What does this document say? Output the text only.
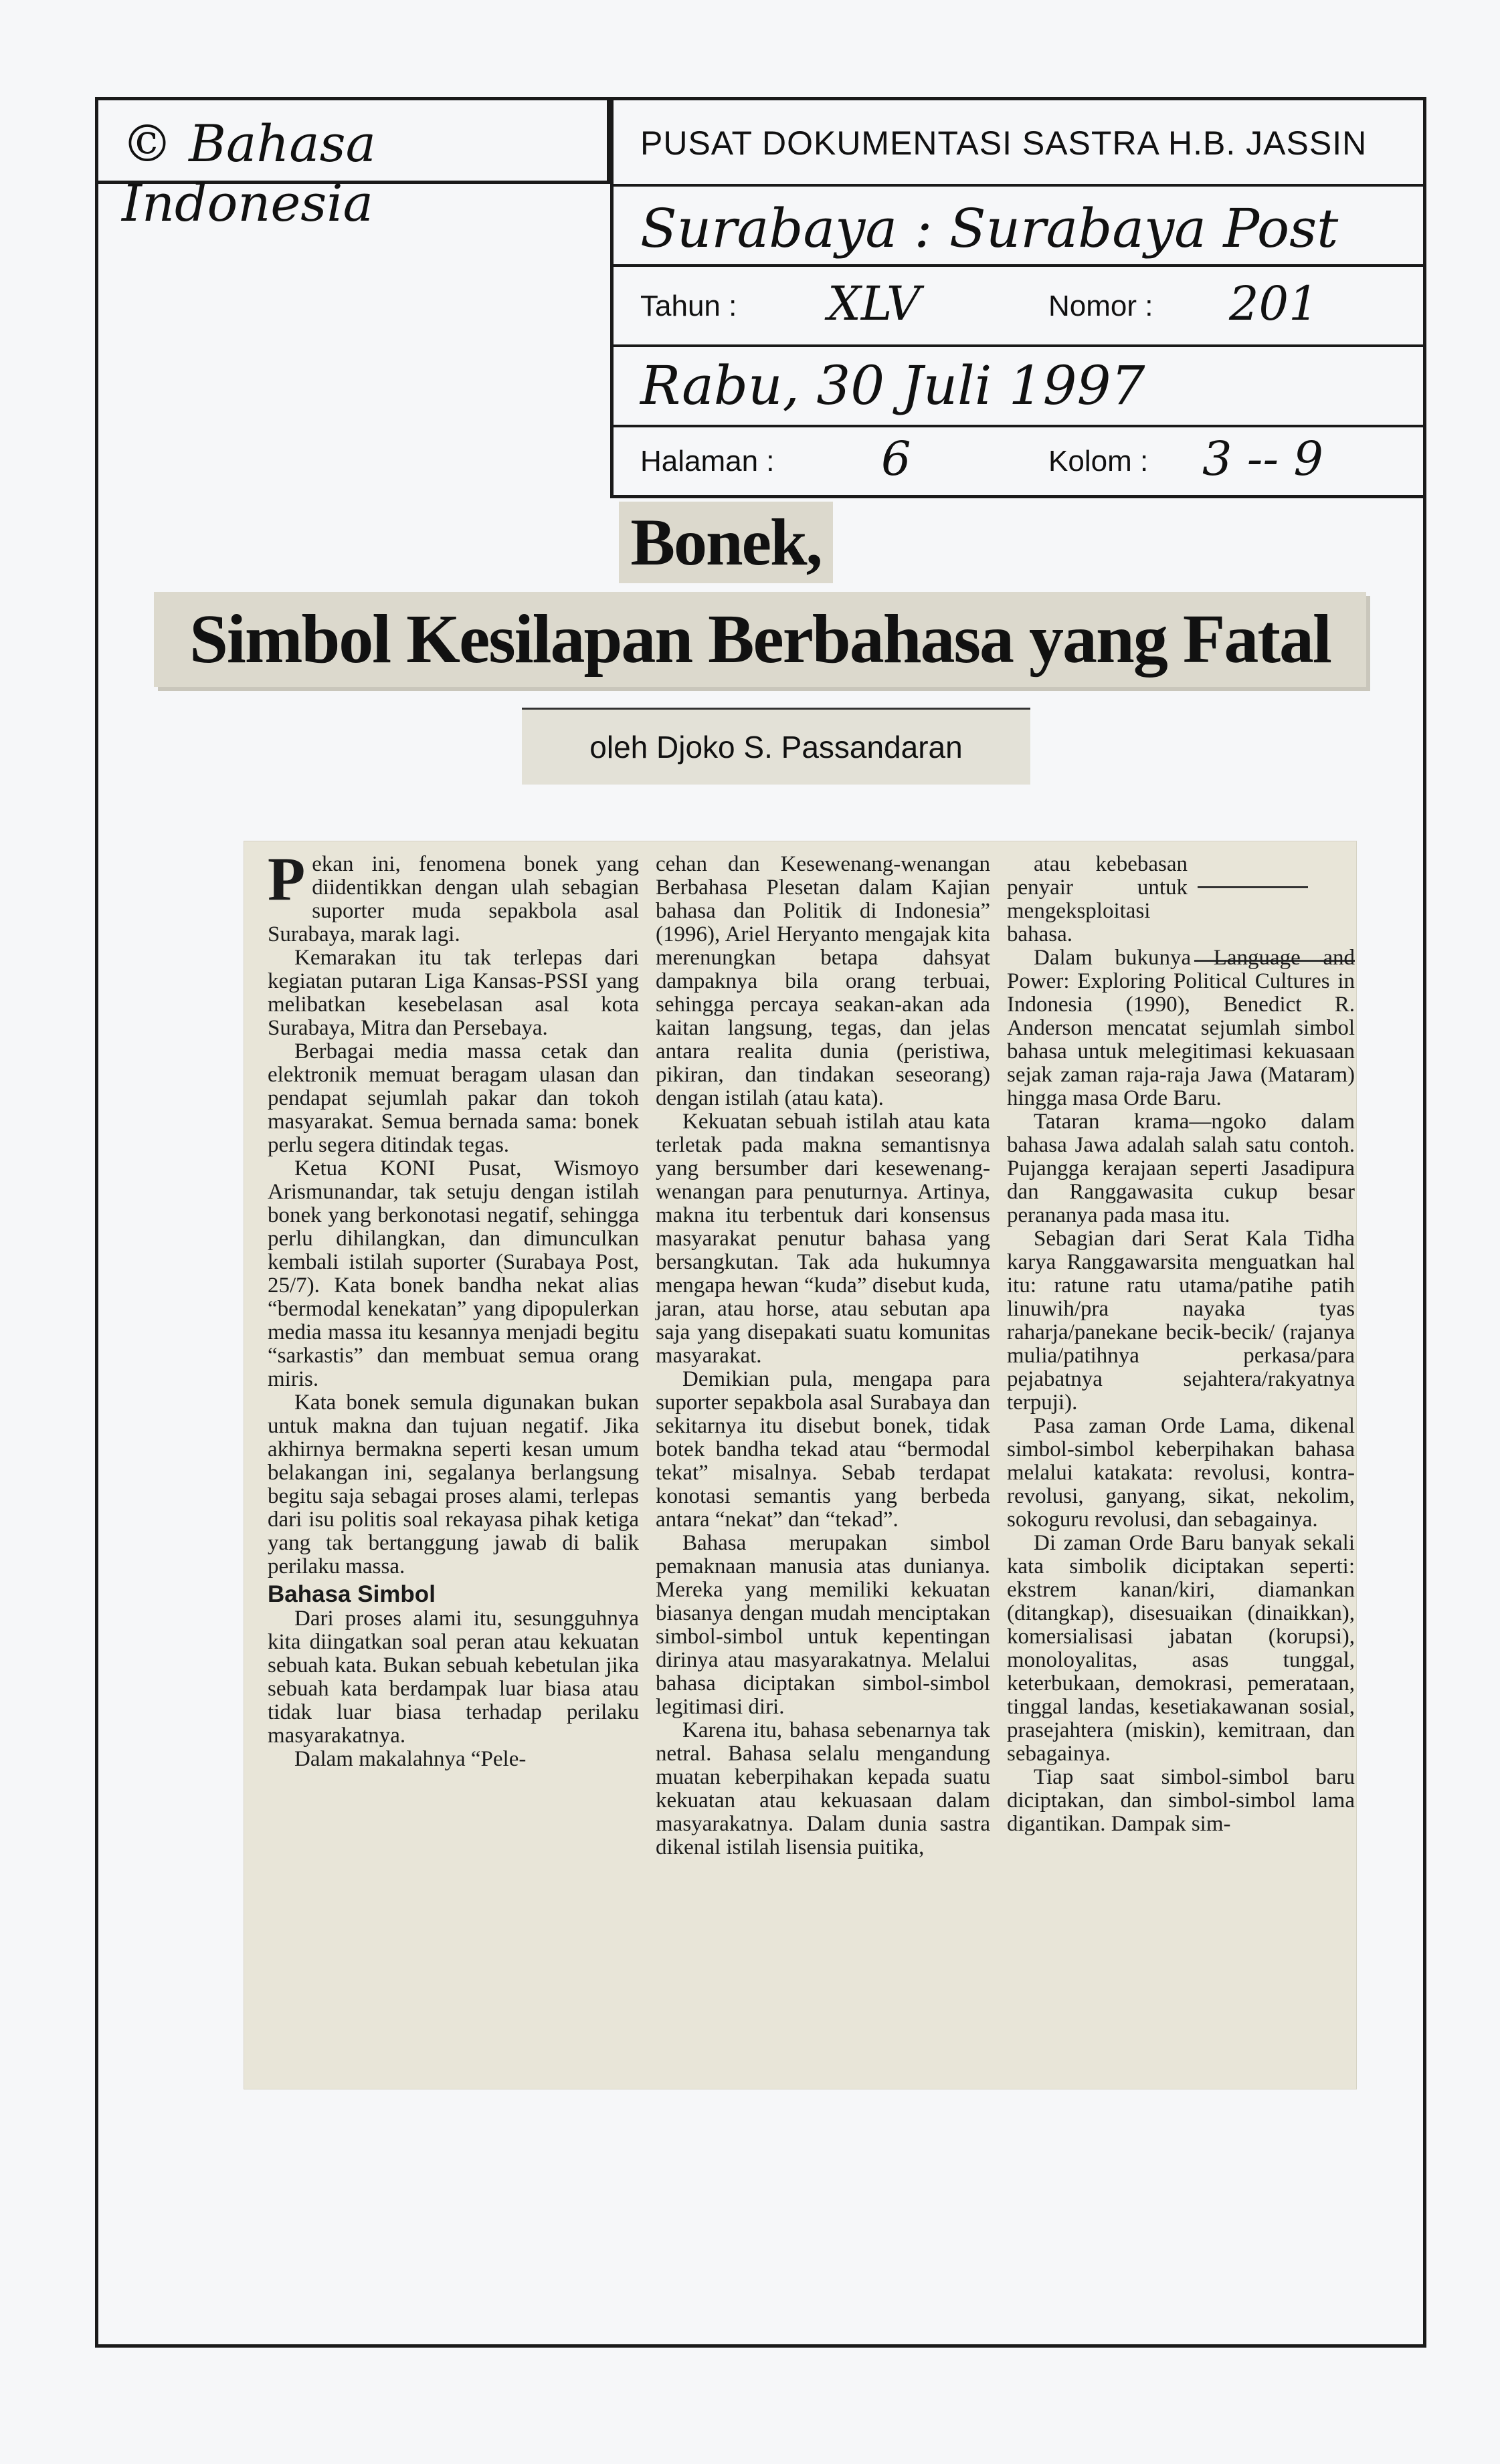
© Bahasa Indonesia
PUSAT DOKUMENTASI SASTRA H.B. JASSIN
Surabaya : Surabaya Post
Tahun : XLV	Nomor : 201
Rabu, 30 Juli 1997
Halaman : 6	Kolom : 3 -- 9
Bonek,
Simbol Kesilapan Berbahasa yang Fatal
oleh Djoko S. Passandaran

Pekan ini, fenomena bonek yang diidentikkan dengan ulah sebagian suporter muda sepakbola asal Surabaya, marak lagi.

Kemarakan itu tak terlepas dari kegiatan putaran Liga Kansas-PSSI yang melibatkan kesebelasan asal kota Surabaya, Mitra dan Persebaya.

Berbagai media massa cetak dan elektronik memuat beragam ulasan dan pendapat sejumlah pakar dan tokoh masyarakat. Semua bernada sama: bonek perlu segera ditindak tegas.

Ketua KONI Pusat, Wismoyo Arismunandar, tak setuju dengan istilah bonek yang berkonotasi negatif, sehingga perlu dihilangkan, dan dimunculkan kembali istilah suporter (Surabaya Post, 25/7). Kata bonek bandha nekat alias “bermodal kenekatan” yang dipopulerkan media massa itu kesannya menjadi begitu “sarkastis” dan membuat semua orang miris.

Kata bonek semula digunakan bukan untuk makna dan tujuan negatif. Jika akhirnya bermakna seperti kesan umum belakangan ini, segalanya berlangsung begitu saja sebagai proses alami, terlepas dari isu politis soal rekayasa pihak ketiga yang tak bertanggung jawab di balik perilaku massa.

Bahasa Simbol

Dari proses alami itu, sesungguhnya kita diingatkan soal peran atau kekuatan sebuah kata. Bukan sebuah kebetulan jika sebuah kata berdampak luar biasa atau tidak luar biasa terhadap perilaku masyarakatnya.

Dalam makalahnya “Pele-

cehan dan Kesewenang-wenangan Berbahasa Plesetan dalam Kajian bahasa dan Politik di Indonesia” (1996), Ariel Heryanto mengajak kita merenungkan betapa dahsyat dampaknya bila orang terbuai, sehingga percaya seakan-akan ada kaitan langsung, tegas, dan jelas antara realita dunia (peristiwa, pikiran, dan tindakan seseorang) dengan istilah (atau kata).

Kekuatan sebuah istilah atau kata terletak pada makna semantisnya yang bersumber dari kesewenang-wenangan para penuturnya. Artinya, makna itu terbentuk dari konsensus masyarakat penutur bahasa yang bersangkutan. Tak ada hukumnya mengapa hewan “kuda” disebut kuda, jaran, atau horse, atau sebutan apa saja yang disepakati suatu komunitas masyarakat.

Demikian pula, mengapa para suporter sepakbola asal Surabaya dan sekitarnya itu disebut bonek, tidak botek bandha tekad atau “bermodal tekat” misalnya. Sebab terdapat konotasi semantis yang berbeda antara “nekat” dan “tekad”.

Bahasa merupakan simbol pemaknaan manusia atas dunianya. Mereka yang memiliki kekuatan biasanya dengan mudah menciptakan simbol-simbol untuk kepentingan dirinya atau masyarakatnya. Melalui bahasa diciptakan simbol-simbol legitimasi diri.

Karena itu, bahasa sebenarnya tak netral. Bahasa selalu mengandung muatan keberpihakan kepada suatu kekuatan atau kekuasaan dalam masyarakatnya. Dalam dunia sastra dikenal istilah lisensia puitika,

atau kebebasan penyair untuk mengeksploitasi bahasa.

Dalam bukunya Language and Power: Exploring Political Cultures in Indonesia (1990), Benedict R. Anderson mencatat sejumlah simbol bahasa untuk melegitimasi kekuasaan sejak zaman raja-raja Jawa (Mataram) hingga masa Orde Baru.

Tataran krama—ngoko dalam bahasa Jawa adalah salah satu contoh. Pujangga kerajaan seperti Jasadipura dan Ranggawasita cukup besar perananya pada masa itu.

Sebagian dari Serat Kala Tidha karya Ranggawarsita menguatkan hal itu: ratune ratu utama/patihe patih linuwih/pra nayaka tyas raharja/panekane becik-becik/ (rajanya mulia/patihnya perkasa/para pejabatnya sejahtera/rakyatnya terpuji).

Pasa zaman Orde Lama, dikenal simbol-simbol keberpihakan bahasa melalui katakata: revolusi, kontra-revolusi, ganyang, sikat, nekolim, sokoguru revolusi, dan sebagainya.

Di zaman Orde Baru banyak sekali kata simbolik diciptakan seperti: ekstrem kanan/kiri, diamankan (ditangkap), disesuaikan (dinaikkan), komersialisasi jabatan (korupsi), monoloyalitas, asas tunggal, keterbukaan, demokrasi, pemerataan, tinggal landas, kesetiakawanan sosial, prasejahtera (miskin), kemitraan, dan sebagainya.

Tiap saat simbol-simbol baru diciptakan, dan simbol-simbol lama digantikan. Dampak sim-
